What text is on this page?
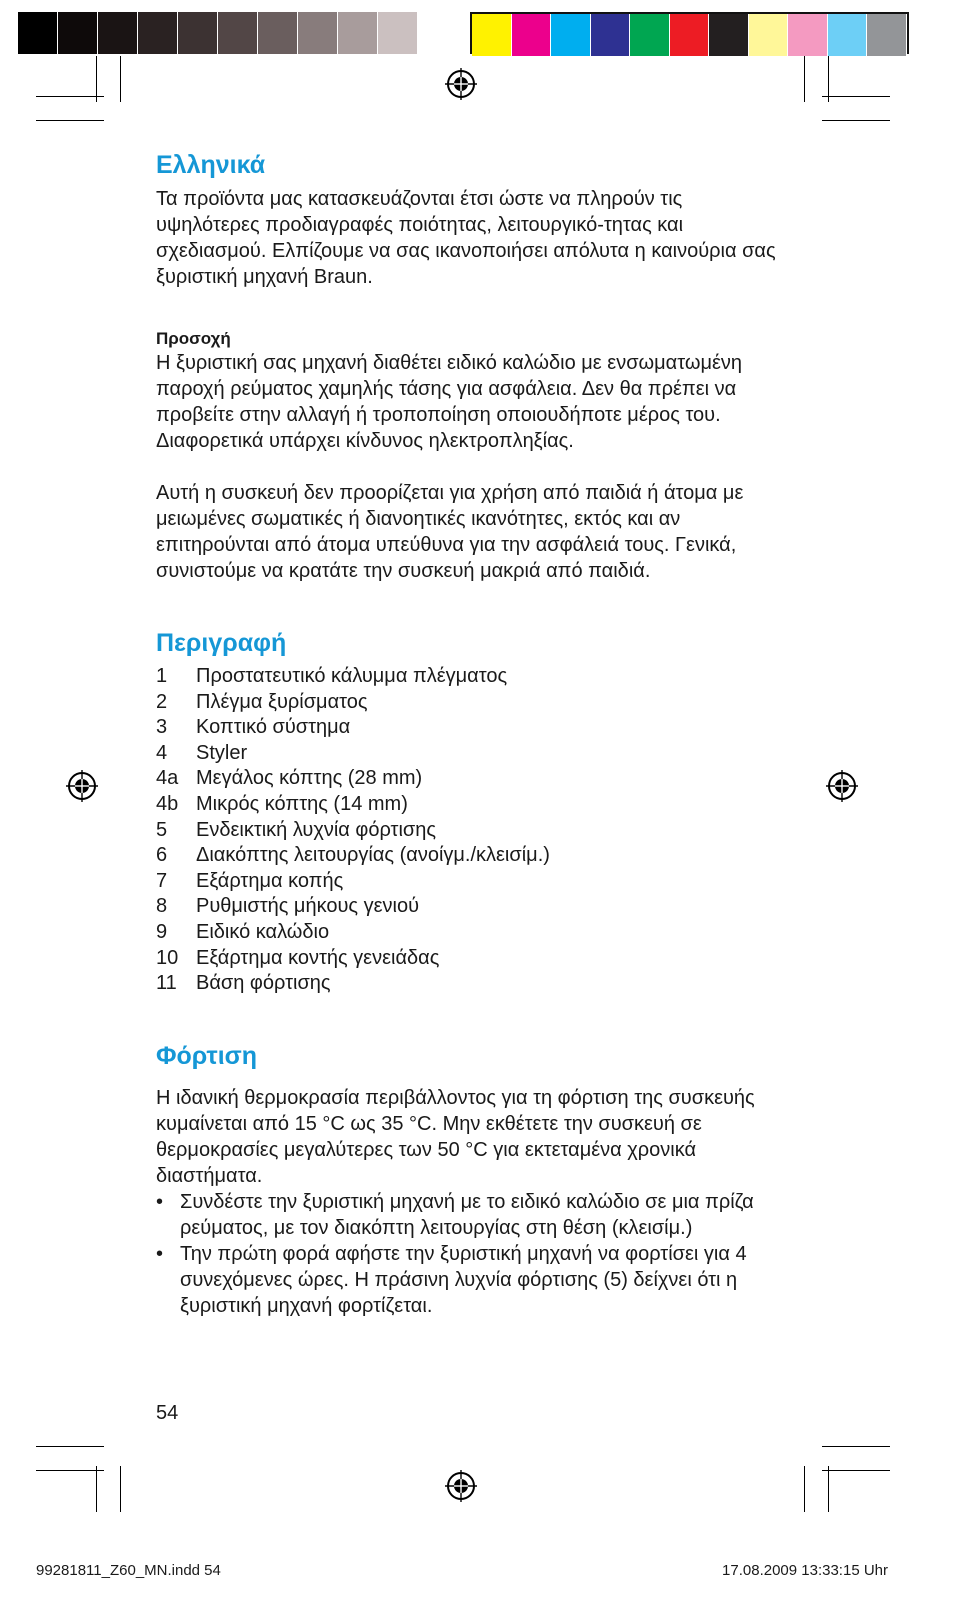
Ελληνικά

Τα προϊόντα μας κατασκευάζονται έτσι ώστε να πληρούν τις υψηλότερες προδιαγραφές ποιότητας, λειτουργικό-τητας και σχεδιασμού. Ελπίζουμε να σας ικανοποιήσει απόλυτα η καινούρια σας ξυριστική μηχανή Braun.

Προσοχή

Η ξυριστική σας μηχανή διαθέτει ειδικό καλώδιο με ενσωματωμένη παροχή ρεύματος χαμηλής τάσης για ασφάλεια. Δεν θα πρέπει να προβείτε στην αλλαγή ή τροποποίηση οποιουδήποτε μέρος του. Διαφορετικά υπάρχει κίνδυνος ηλεκτροπληξίας.

Αυτή η συσκευή δεν προορίζεται για χρήση από παιδιά ή άτομα με μειωμένες σωματικές ή διανοητικές ικανότητες, εκτός και αν επιτηρούνται από άτομα υπεύθυνα για την ασφάλειά τους. Γενικά, συνιστούμε να κρατάτε την συσκευή μακριά από παιδιά.

Περιγραφή
1	Προστατευτικό κάλυμμα πλέγματος
2	Πλέγμα ξυρίσματος
3	Κοπτικό σύστημα
4	Styler
4a Μεγάλος κόπτης (28 mm)
4b Μικρός κόπτης (14 mm)
5	Ενδεικτική λυχνία φόρτισης
6	Διακόπτης λειτουργίας (ανοίγμ./κλεισίμ.)
7	Εξάρτημα κοπής
8	Ρυθμιστής μήκους γενιού
9	Ειδικό καλώδιο
10 Εξάρτημα κοντής γενειάδας
11 Βάση φόρτισης
Φόρτιση

Η ιδανική θερμοκρασία περιβάλλοντος για τη φόρτιση της συσκευής κυμαίνεται από 15 °C ως 35 °C. Μην εκθέτετε την συσκευή σε θερμοκρασίες μεγαλύτερες των 50 °C για εκτεταμένα χρονικά διαστήματα.

• Συνδέστε την ξυριστική μηχανή με το ειδικό καλώδιο σε μια πρίζα ρεύματος, με τον διακόπτη λειτουργίας στη θέση (κλεισίμ.)
• Την πρώτη φορά αφήστε την ξυριστική μηχανή να φορτίσει για 4 συνεχόμενες ώρες. Η πράσινη λυχνία φόρτισης (5) δείχνει ότι η ξυριστική μηχανή φορτίζεται.
54
99281811_Z60_MN.indd 54	17.08.2009 13:33:15 Uhr
